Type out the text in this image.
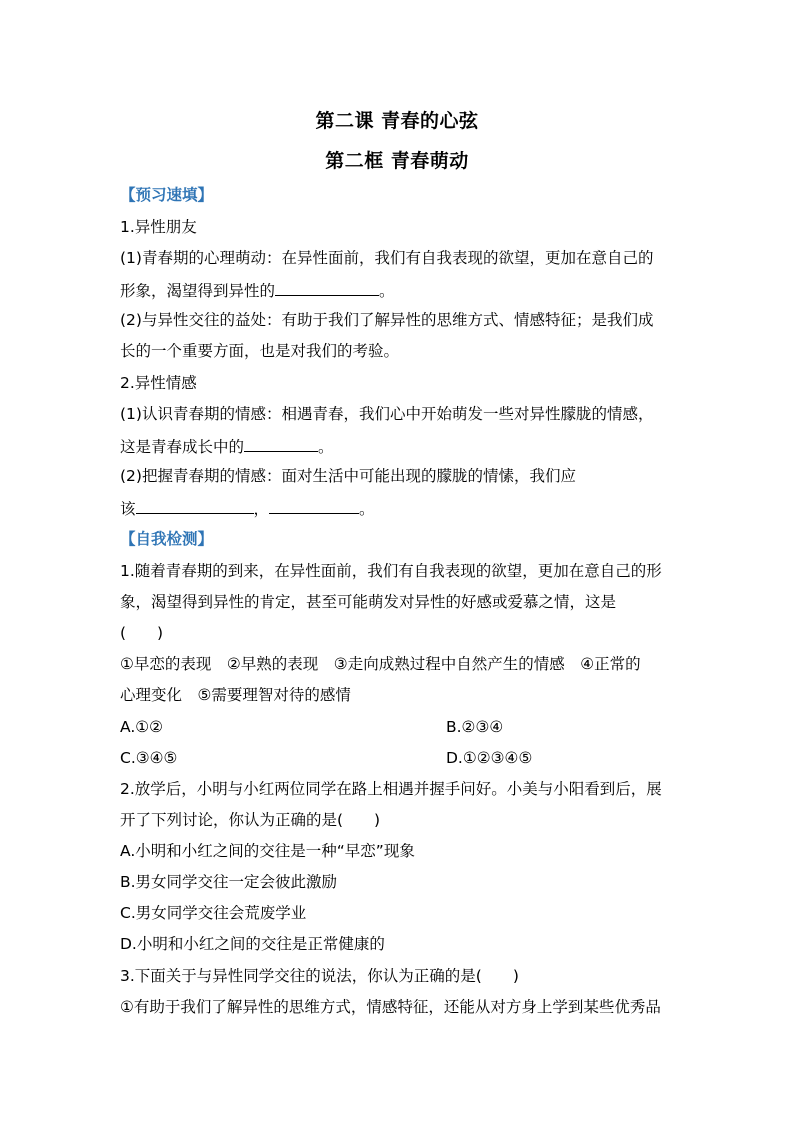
第二课 青春的心弦
第二框 青春萌动
【预习速填】
1.异性朋友
(1)青春期的心理萌动：在异性面前，我们有自我表现的欲望，更加在意自己的
形象，渴望得到异性的	。
(2)与异性交往的益处：有助于我们了解异性的思维方式、情感特征；是我们成
长的一个重要方面，也是对我们的考验。
2.异性情感
(1)认识青春期的情感：相遇青春，我们心中开始萌发一些对异性朦胧的情感，
这是青春成长中的	。
(2)把握青春期的情感：面对生活中可能出现的朦胧的情愫，我们应
该	，	。
【自我检测】
1.随着青春期的到来，在异性面前，我们有自我表现的欲望，更加在意自己的形
象，渴望得到异性的肯定，甚至可能萌发对异性的好感或爱慕之情，这是
(　　)
①早恋的表现　②早熟的表现　③走向成熟过程中自然产生的情感　④正常的
心理变化　⑤需要理智对待的感情
A.①②	B.②③④
C.③④⑤	D.①②③④⑤
2.放学后，小明与小红两位同学在路上相遇并握手问好。小美与小阳看到后，展
开了下列讨论，你认为正确的是(　　)
A.小明和小红之间的交往是一种“早恋”现象
B.男女同学交往一定会彼此激励
C.男女同学交往会荒废学业
D.小明和小红之间的交往是正常健康的
3.下面关于与异性同学交往的说法，你认为正确的是(　　)
①有助于我们了解异性的思维方式，情感特征，还能从对方身上学到某些优秀品
